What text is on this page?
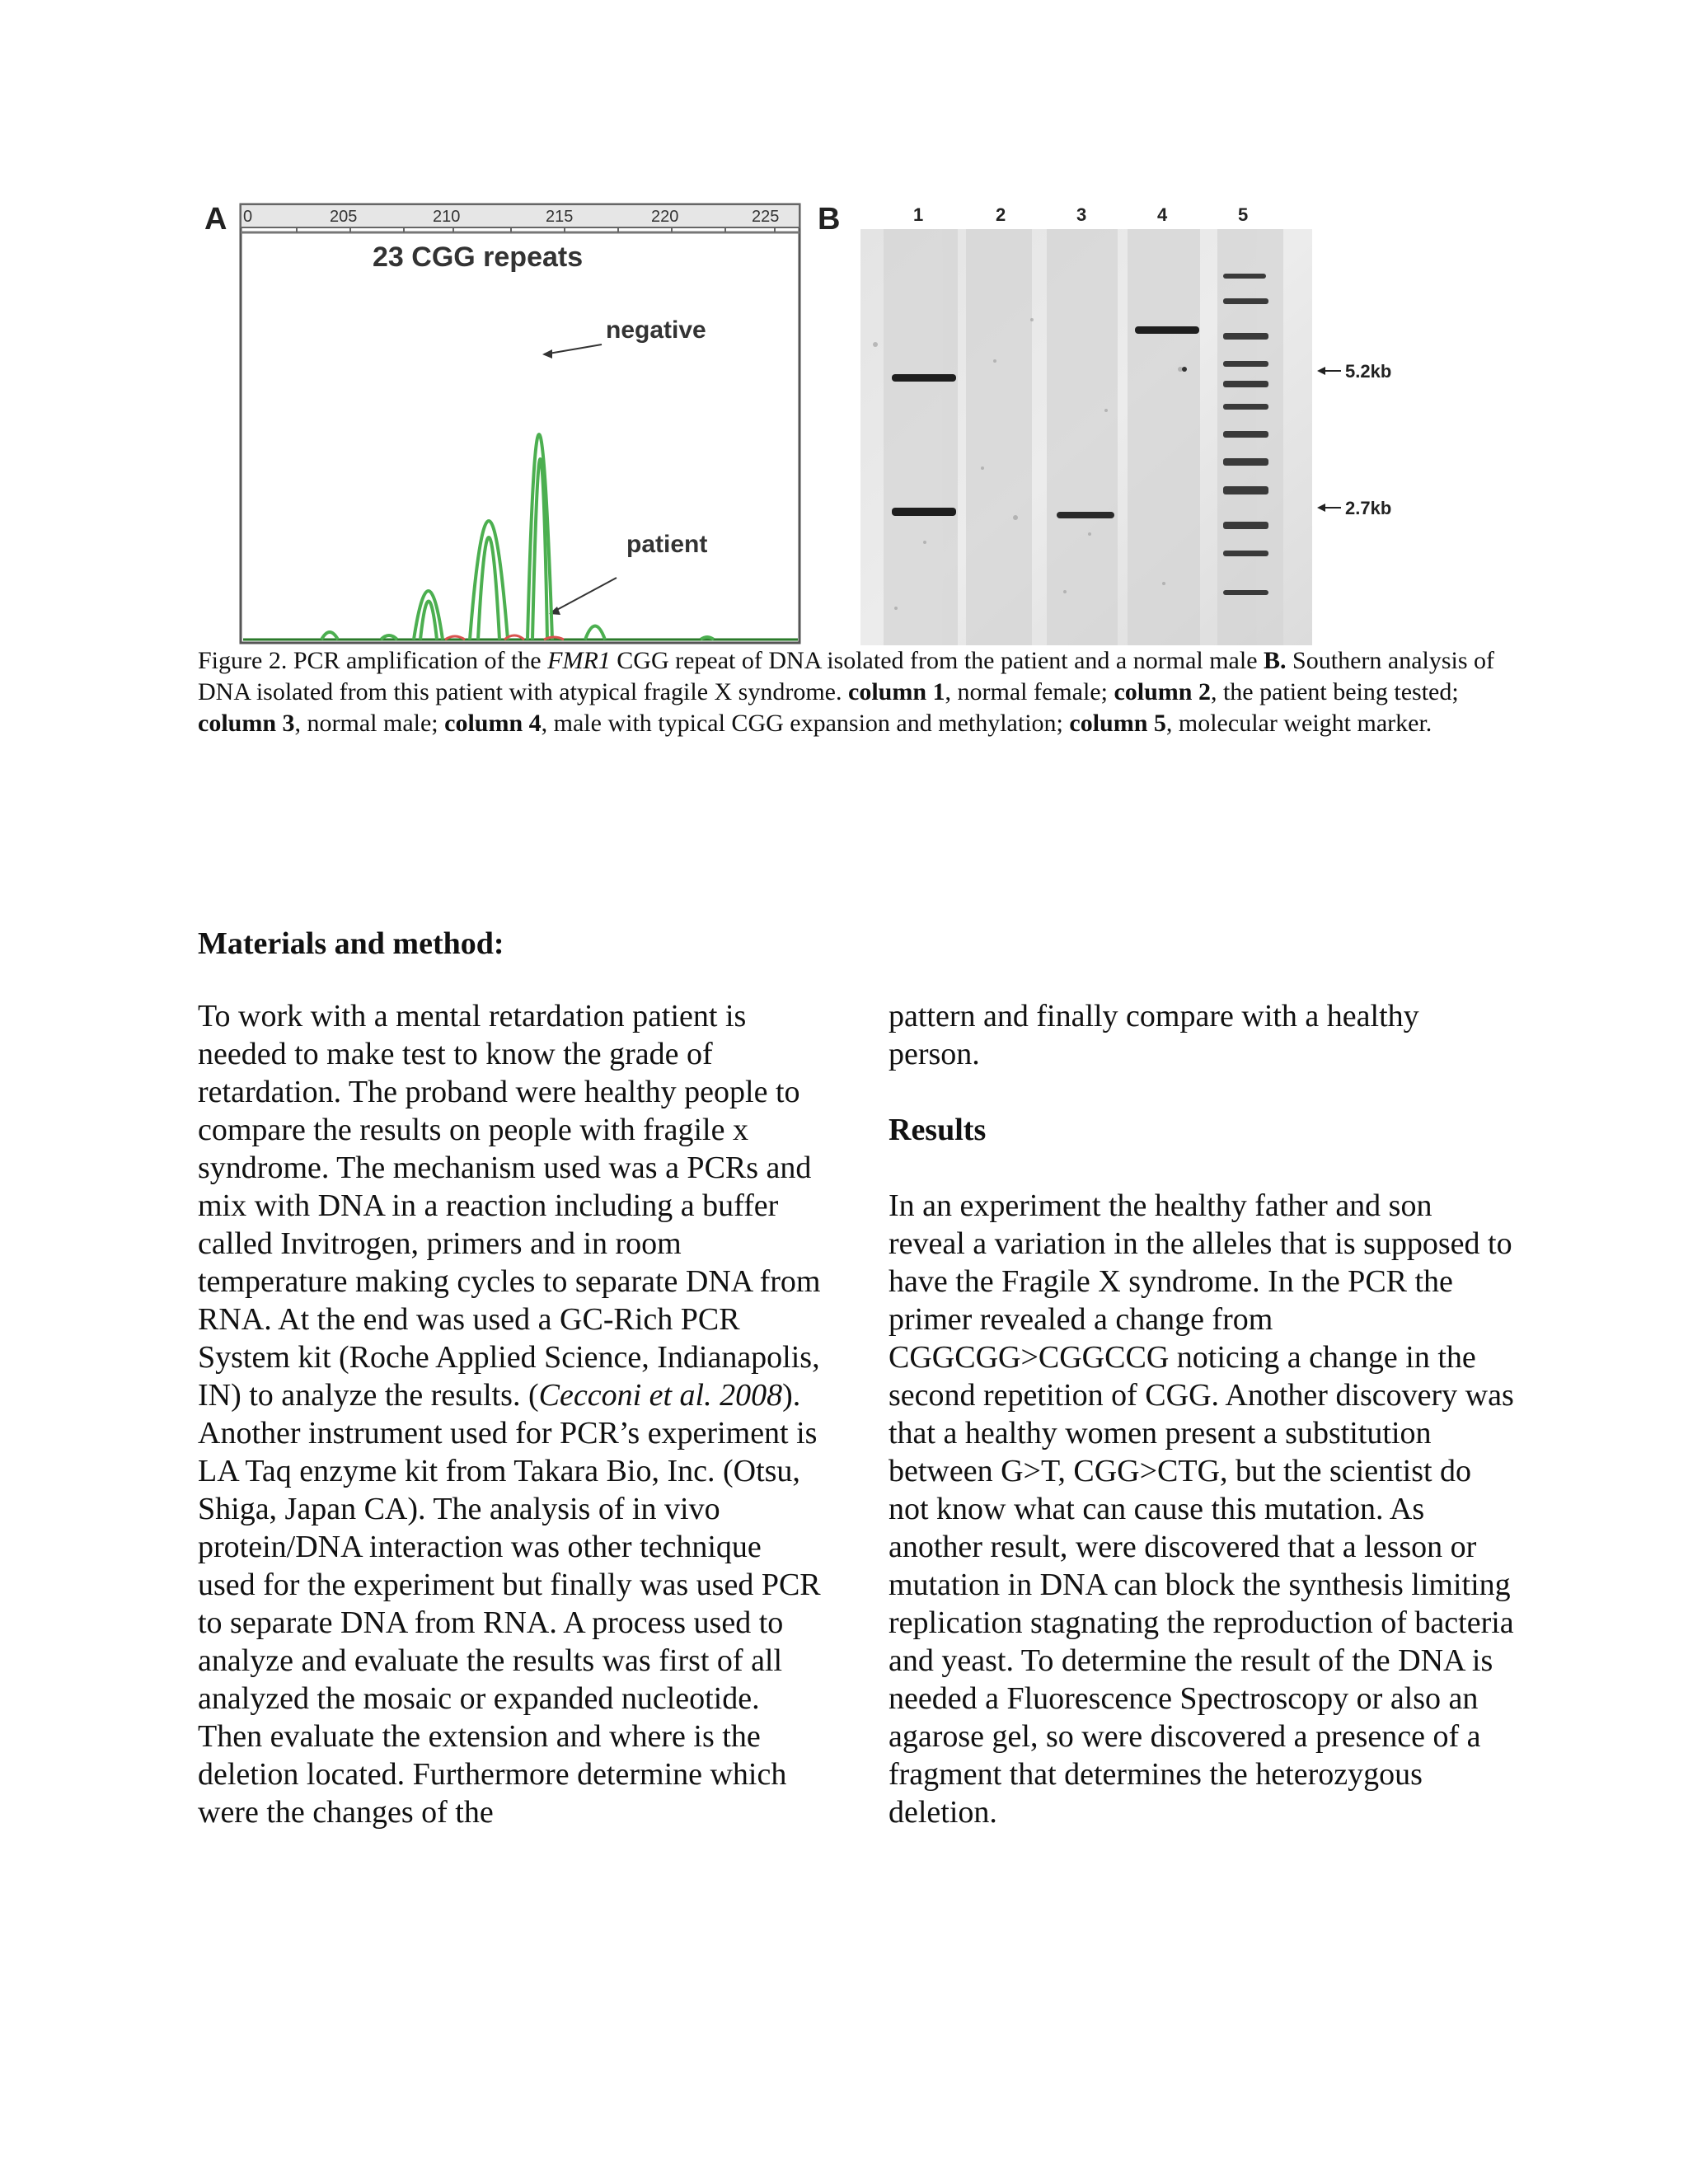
A 0	205	210	215	220	225
23 CGG repeats
negative
patient
B	1	2	3	4	5
5.2kb
2.7kb
Figure 2. PCR amplification of the FMR1 CGG repeat of DNA isolated from the patient and a normal male B. Southern analysis of DNA isolated from this patient with atypical fragile X syndrome. column 1, normal female; column 2, the patient being tested; column 3, normal male; column 4, male with typical CGG expansion and methylation; column 5, molecular weight marker.
Materials and method:

To work with a mental retardation patient is needed to make test to know the grade of retardation. The proband were healthy people to compare the results on people with fragile x syndrome. The mechanism used was a PCRs and mix with DNA in a reaction including a buffer called Invitrogen, primers and in room temperature making cycles to separate DNA from RNA. At the end was used a GC-Rich PCR System kit (Roche Applied Science, Indianapolis, IN) to analyze the results. (Cecconi et al. 2008). Another instrument used for PCR’s experiment is LA Taq enzyme kit from Takara Bio, Inc. (Otsu, Shiga, Japan CA). The analysis of in vivo protein/DNA interaction was other technique used for the experiment but finally was used PCR to separate DNA from RNA. A process used to analyze and evaluate the results was first of all analyzed the mosaic or expanded nucleotide. Then evaluate the extension and where is the deletion located. Furthermore determine which were the changes of the

pattern and finally compare with a healthy person.

Results

In an experiment the healthy father and son reveal a variation in the alleles that is supposed to have the Fragile X syndrome. In the PCR the primer revealed a change from CGGCGG>CGGCCG noticing a change in the second repetition of CGG. Another discovery was that a healthy women present a substitution between G>T, CGG>CTG, but the scientist do not know what can cause this mutation. As another result, were discovered that a lesson or mutation in DNA can block the synthesis limiting replication stagnating the reproduction of bacteria and yeast. To determine the result of the DNA is needed a Fluorescence Spectroscopy or also an agarose gel, so were discovered a presence of a fragment that determines the heterozygous deletion.
